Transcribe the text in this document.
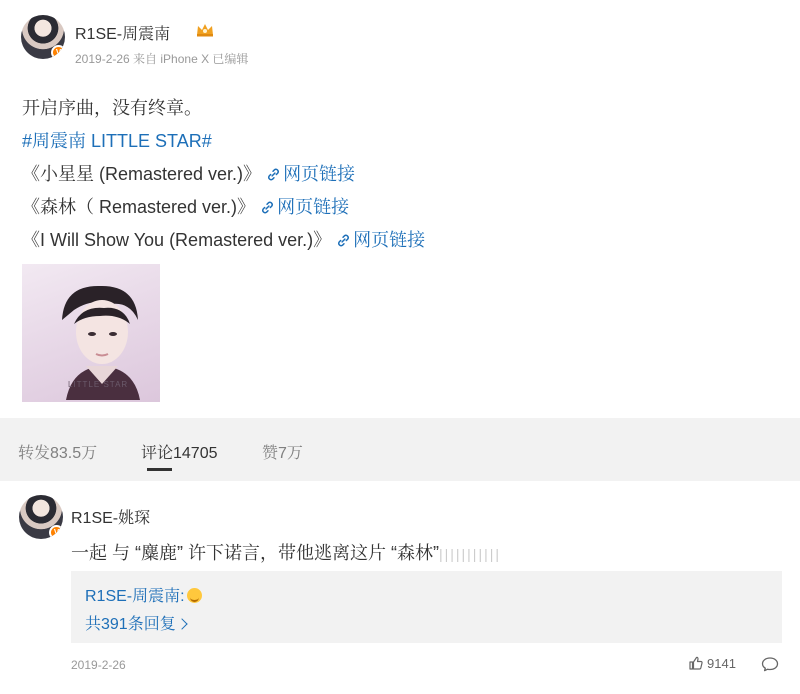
V
R1SE-周震南
2019-2-26 来自 iPhone X 已编辑
开启序曲，没有终章。
#周震南 LITTLE STAR#
《小星星 (Remastered ver.)》 网页链接
《森林（ Remastered ver.)》 网页链接
《I Will Show You (Remastered ver.)》 网页链接
LITTLE STAR
转发83.5万	评论14705	赞7万
V
R1SE-姚琛
一起 与 “麋鹿” 许下诺言，带他逃离这片 “森林”|||||||||||
R1SE-周震南:
共391条回复
2019-2-26	9141
